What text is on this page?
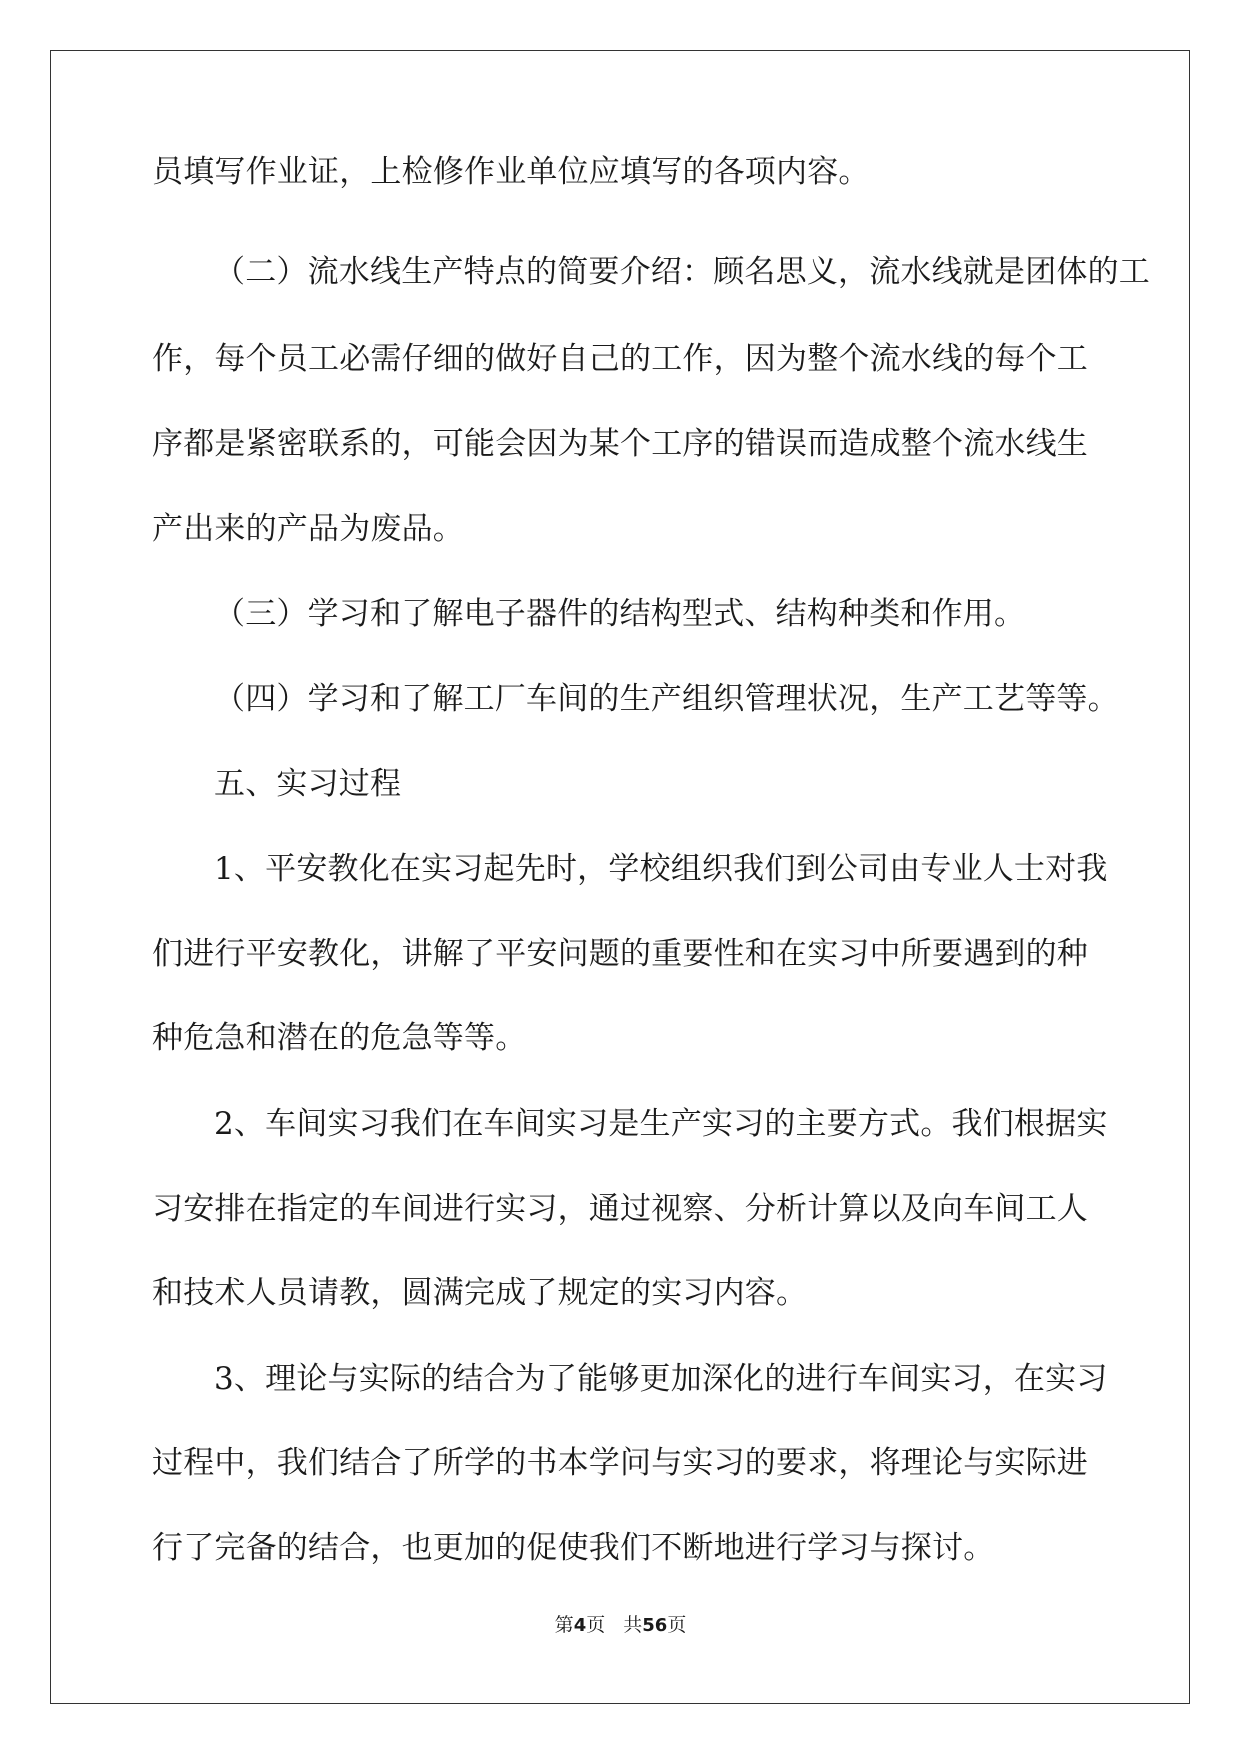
员填写作业证，上检修作业单位应填写的各项内容。
（二）流水线生产特点的简要介绍：顾名思义，流水线就是团体的工
作，每个员工必需仔细的做好自己的工作，因为整个流水线的每个工
序都是紧密联系的，可能会因为某个工序的错误而造成整个流水线生
产出来的产品为废品。
（三）学习和了解电子器件的结构型式、结构种类和作用。
（四）学习和了解工厂车间的生产组织管理状况，生产工艺等等。
五、实习过程
1、平安教化在实习起先时，学校组织我们到公司由专业人士对我
们进行平安教化，讲解了平安问题的重要性和在实习中所要遇到的种
种危急和潜在的危急等等。
2、车间实习我们在车间实习是生产实习的主要方式。我们根据实
习安排在指定的车间进行实习，通过视察、分析计算以及向车间工人
和技术人员请教，圆满完成了规定的实习内容。
3、理论与实际的结合为了能够更加深化的进行车间实习，在实习
过程中，我们结合了所学的书本学问与实习的要求，将理论与实际进
行了完备的结合，也更加的促使我们不断地进行学习与探讨。
第4页 共56页
